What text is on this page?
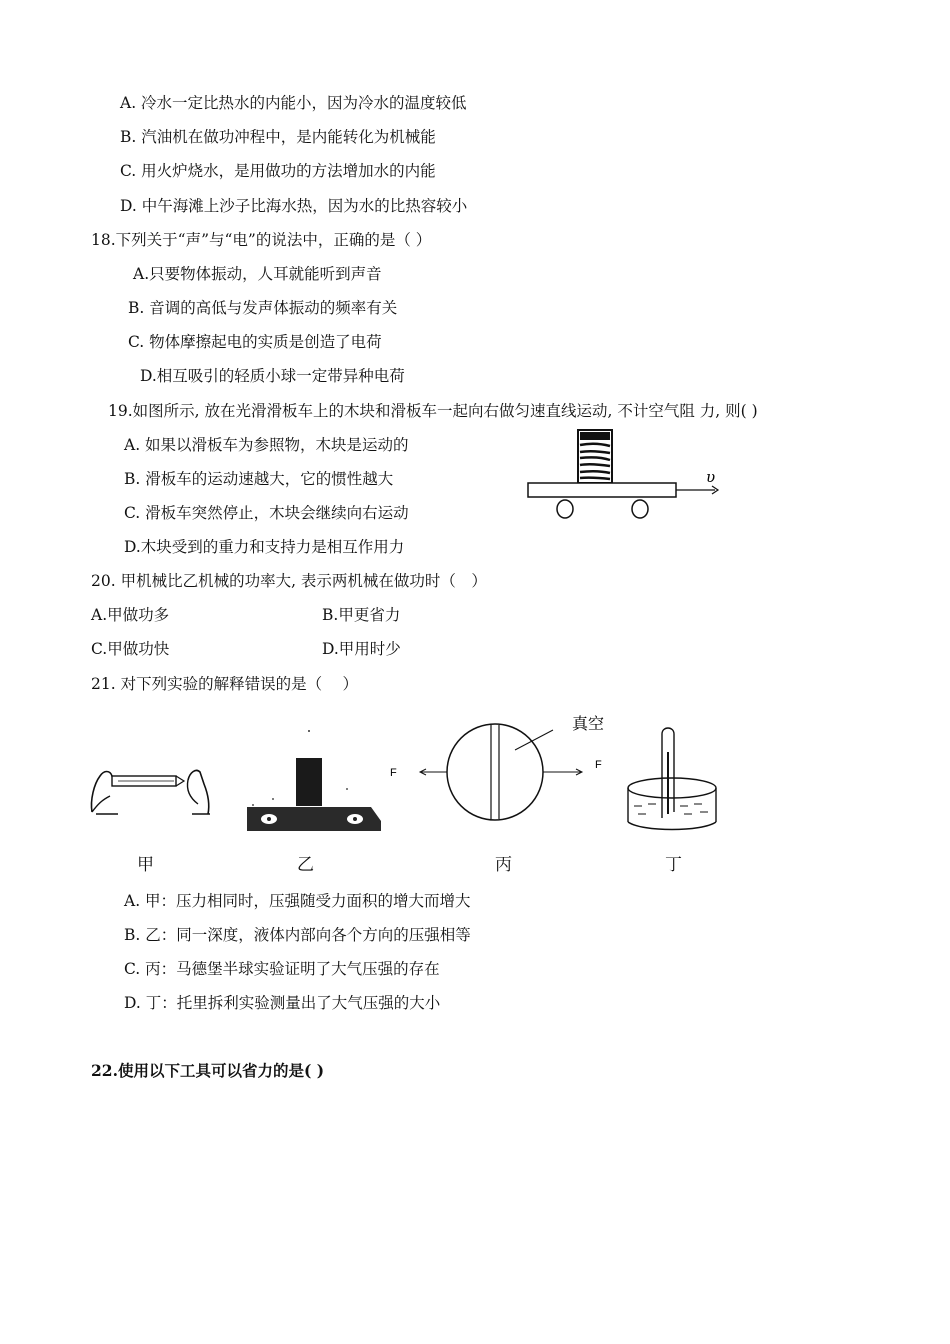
A. 冷水一定比热水的内能小，因为冷水的温度较低
B. 汽油机在做功冲程中，是内能转化为机械能
C. 用火炉烧水，是用做功的方法增加水的内能
D. 中午海滩上沙子比海水热，因为水的比热容较小
18.下列关于“声”与“电”的说法中，正确的是（ ）
A.只要物体振动，人耳就能听到声音
B. 音调的高低与发声体振动的频率有关
C. 物体摩擦起电的实质是创造了电荷
D.相互吸引的轻质小球一定带异种电荷
19.如图所示, 放在光滑滑板车上的木块和滑板车一起向右做匀速直线运动, 不计空气阻 力, 则( )
A. 如果以滑板车为参照物，木块是运动的
B. 滑板车的运动速越大，它的惯性越大
C. 滑板车突然停止，木块会继续向右运动
D.木块受到的重力和支持力是相互作用力
υ
20. 甲机械比乙机械的功率大, 表示两机械在做功时（　）
A.甲做功多	B.甲更省力
C.甲做功快	D.甲用时少
21. 对下列实验的解释错误的是（　 ）
F
F
真空
甲	乙	丙	丁
A. 甲：压力相同时，压强随受力面积的增大而增大
B. 乙：同一深度，液体内部向各个方向的压强相等
C. 丙：马德堡半球实验证明了大气压强的存在
D. 丁：托里拆利实验测量出了大气压强的大小
22.使用以下工具可以省力的是( )
